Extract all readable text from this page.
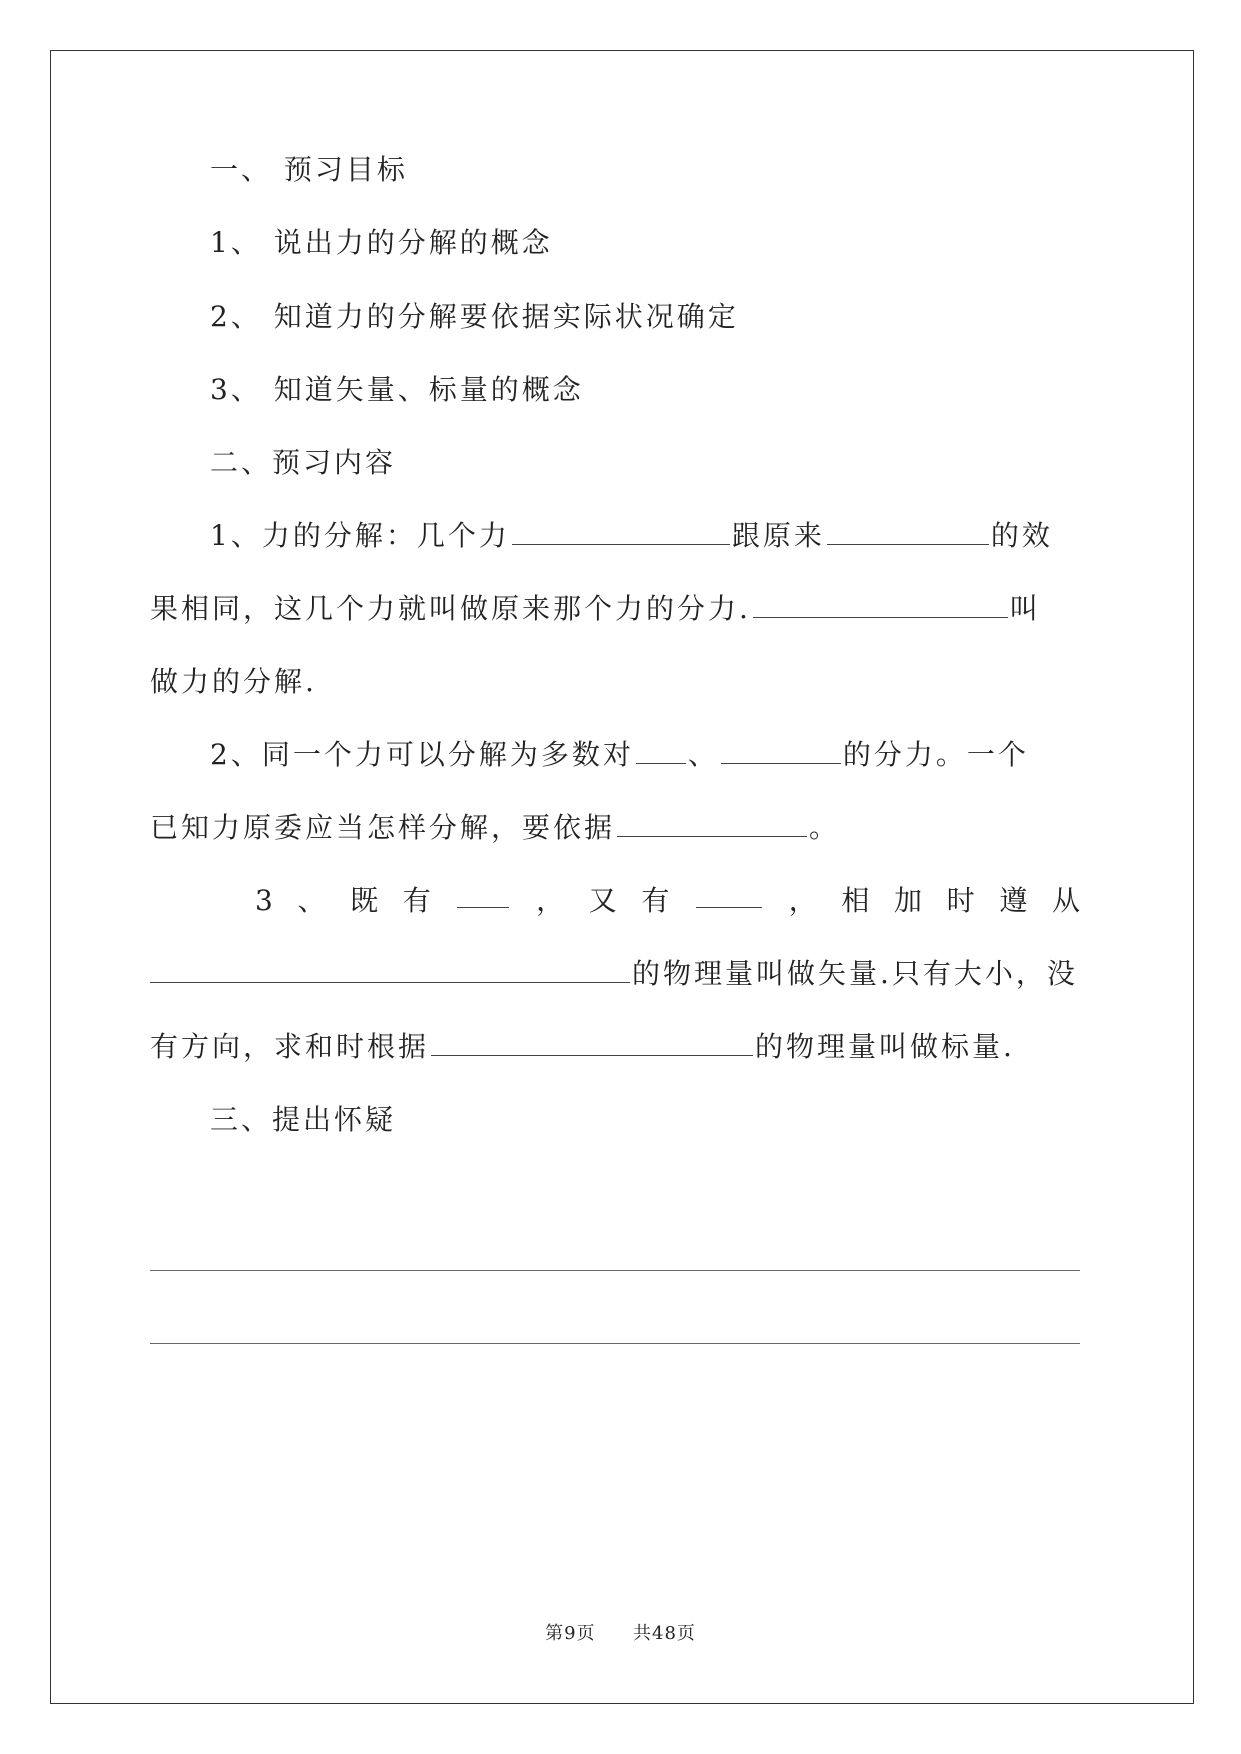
一、 预习目标
1、 说出力的分解的概念
2、 知道力的分解要依据实际状况确定
3、 知道矢量、标量的概念
二、预习内容
1、力的分解：几个力	跟原来	的效
果相同，这几个力就叫做原来那个力的分力.	叫
做力的分解.
2、同一个力可以分解为多数对 、	的分力。一个
已知力原委应当怎样分解，要依据	。
3 、 既 有	， 又 有	， 相 加 时 遵 从
的物理量叫做矢量.只有大小，没
有方向，求和时根据	的物理量叫做标量.
三、提出怀疑
第9页 共48页
